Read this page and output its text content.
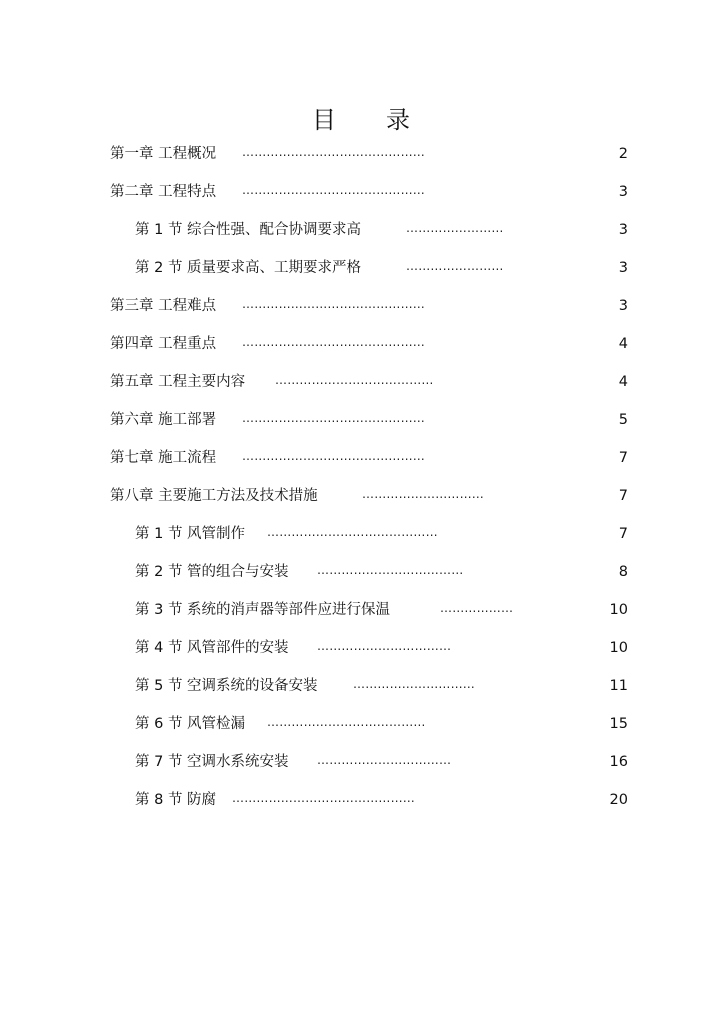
目 录
第一章 工程概况 ………………………………………	2
第二章 工程特点 ………………………………………	3
第 1 节 综合性强、配合协调要求高	……………………	3
第 2 节 质量要求高、工期要求严格	……………………	3
第三章 工程难点 ………………………………………	3
第四章 工程重点 ………………………………………	4
第五章 工程主要内容 …………………………………	4
第六章 施工部署 ………………………………………	5
第七章 施工流程 ………………………………………	7
第八章 主要施工方法及技术措施	…………………………	7
第 1 节 风管制作 ……………………………………	7
第 2 节 管的组合与安装 ………………………………	8
第 3 节 系统的消声器等部件应进行保温	………………	10
第 4 节 风管部件的安装 ……………………………	10
第 5 节 空调系统的设备安装	…………………………	11
第 6 节 风管检漏 …………………………………	15
第 7 节 空调水系统安装 ……………………………	16
第 8 节 防腐 ………………………………………	20
